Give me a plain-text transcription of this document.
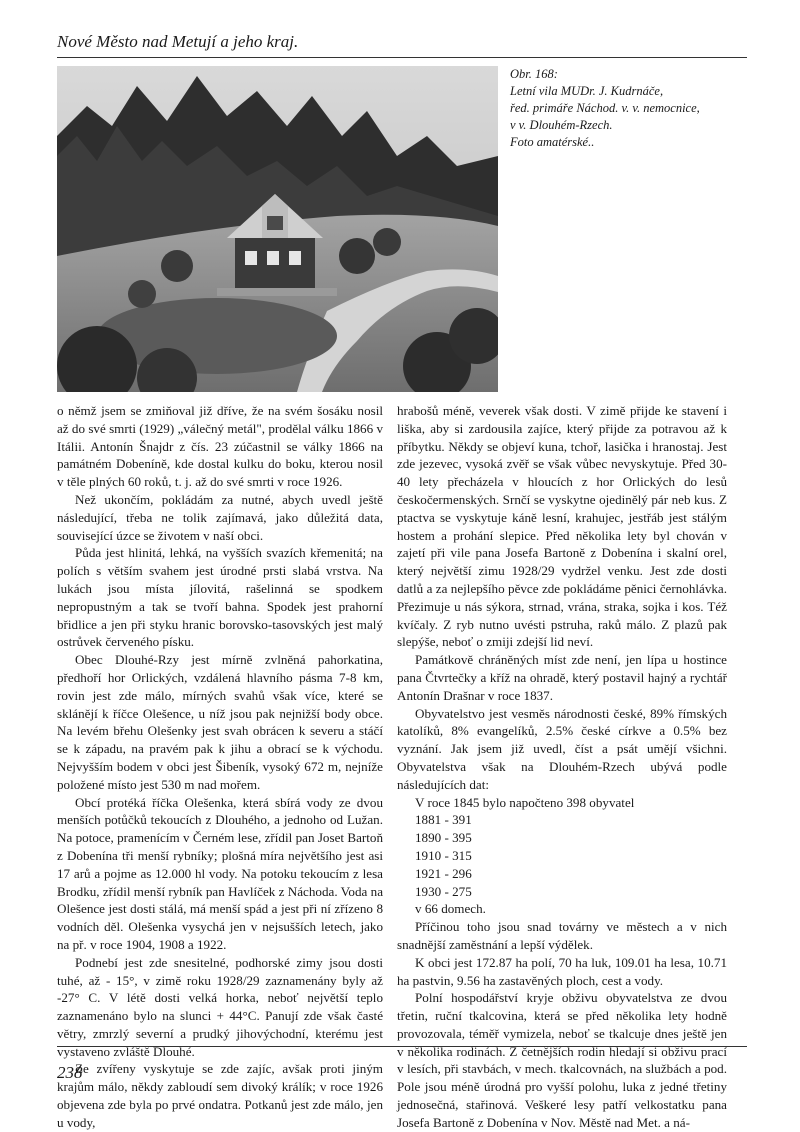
Nové Město nad Metují a jeho kraj.
Obr. 168:
Letní vila MUDr. J. Kudrnáče,
řed. primáře Náchod. v. v. nemocnice,
v v. Dlouhém-Rzech.
Foto amatérské..

o němž jsem se zmiňoval již dříve, že na svém šosáku nosil až do své smrti (1929) „válečný metál", prodělal válku 1866 v Itálii. Antonín Šnajdr z čís. 23 zúčastnil se války 1866 na památném Dobeníně, kde dostal kulku do boku, kterou nosil v těle plných 60 roků, t. j. až do své smrti v roce 1926.

Než ukončím, pokládám za nutné, abych uvedl ještě následující, třeba ne tolik zajímavá, jako důležitá data, související úzce se životem v naší obci.

Půda jest hlinitá, lehká, na vyšších svazích křemenitá; na polích s větším svahem jest úrodné prsti slabá vrstva. Na lukách jsou místa jílovitá, rašelinná se spodkem nepropustným a tak se tvoří bahna. Spodek jest prahorní břidlice a jen při styku hranic borovsko-tasovských jest malý ostrůvek červeného písku.

Obec Dlouhé-Rzy jest mírně zvlněná pahorkatina, předhoří hor Orlických, vzdálená hlavního pásma 7-8 km, rovin jest zde málo, mírných svahů však více, které se sklánějí k říčce Olešence, u níž jsou pak nejnižší body obce. Na levém břehu Olešenky jest svah obrácen k severu a stáčí se k západu, na pravém pak k jihu a obrací se k východu. Nejvyšším bodem v obci jest Šibeník, vysoký 672 m, nejníže položené místo jest 530 m nad mořem.

Obcí protéká říčka Olešenka, která sbírá vody ze dvou menších potůčků tekoucích z Dlouhého, a jednoho od Lužan. Na potoce, pramenícím v Černém lese, zřídil pan Joset Bartoň z Dobenína tři menší rybníky; plošná míra největšího jest asi 17 arů a pojme as 12.000 hl vody. Na potoku tekoucím z lesa Brodku, zřídil menší rybník pan Havlíček z Náchoda. Voda na Olešence jest dosti stálá, má menší spád a jest při ní zřízeno 8 vodních děl. Olešenka vysychá jen v nejsušších letech, jako na př. v roce 1904, 1908 a 1922.

Podnebí jest zde snesitelné, podhorské zimy jsou dosti tuhé, až - 15°, v zimě roku 1928/29 zaznamenány byly až -27° C. V létě dosti velká horka, neboť největší teplo zaznamenáno bylo na slunci + 44°C. Panují zde však časté větry, zmrzlý severní a prudký jihovýchodní, kterému jest vystaveno zvláště Dlouhé.

Ze zvířeny vyskytuje se zde zajíc, avšak proti jiným krajům málo, někdy zabloudí sem divoký králík; v roce 1926 objevena zde byla po prvé ondatra. Potkanů jest zde málo, jen u vody,

hrabošů méně, veverek však dosti. V zimě přijde ke stavení i liška, aby si zardousila zajíce, který přijde za potravou až k příbytku. Někdy se objeví kuna, tchoř, lasička i hranostaj. Jest zde jezevec, vysoká zvěř se však vůbec nevyskytuje. Před 30-40 lety přecházela v hloucích z hor Orlických do lesů českočermenských. Srnčí se vyskytne ojedinělý pár neb kus. Z ptactva se vyskytuje káně lesní, krahujec, jestřáb jest stálým hostem a prohání slepice. Před několika lety byl chován v zajetí při vile pana Josefa Bartoně z Dobenína i skalní orel, který největší zimu 1928/29 vydržel venku. Jest zde dosti datlů a za nejlepšího pěvce zde pokládáme pěnici černohlávka. Přezimuje u nás sýkora, strnad, vrána, straka, sojka i kos. Též kvíčaly. Z ryb nutno uvésti pstruha, raků málo. Z plazů pak slepýše, neboť o zmiji zdejší lid neví.

Památkově chráněných míst zde není, jen lípa u hostince pana Čtvrtečky a kříž na ohradě, který postavil hajný a rychtář Antonín Drašnar v roce 1837.

Obyvatelstvo jest vesměs národnosti české, 89% římských katolíků, 8% evangelíků, 2.5% české církve a 0.5% bez vyznání. Jak jsem již uvedl, číst a psát umějí všichni. Obyvatelstva však na Dlouhém-Rzech ubývá podle následujících dat:

V roce 1845 bylo napočteno 398 obyvatel
1881 - 391
1890 - 395
1910 - 315
1921 - 296
1930 - 275
v 66 domech.

Příčinou toho jsou snad továrny ve městech a v nich snadnější zaměstnání a lepší výdělek.

K obci jest 172.87 ha polí, 70 ha luk, 109.01 ha lesa, 10.71 ha pastvin, 9.56 ha zastavěných ploch, cest a vody.

Polní hospodářství kryje obživu obyvatelstva ze dvou třetin, ruční tkalcovina, která se před několika lety hodně provozovala, téměř vymizela, neboť se tkalcuje dnes ještě jen v několika rodinách. Z četnějších rodin hledají si obživu prací v lesích, při stavbách, v mech. tkalcovnách, na službách a pod. Pole jsou méně úrodná pro vyšší polohu, luka z jedné třetiny jednosečná, stařinová. Veškeré lesy patří velkostatku pana Josefa Bartoně z Dobenína v Nov. Městě nad Met. a ná-

238
